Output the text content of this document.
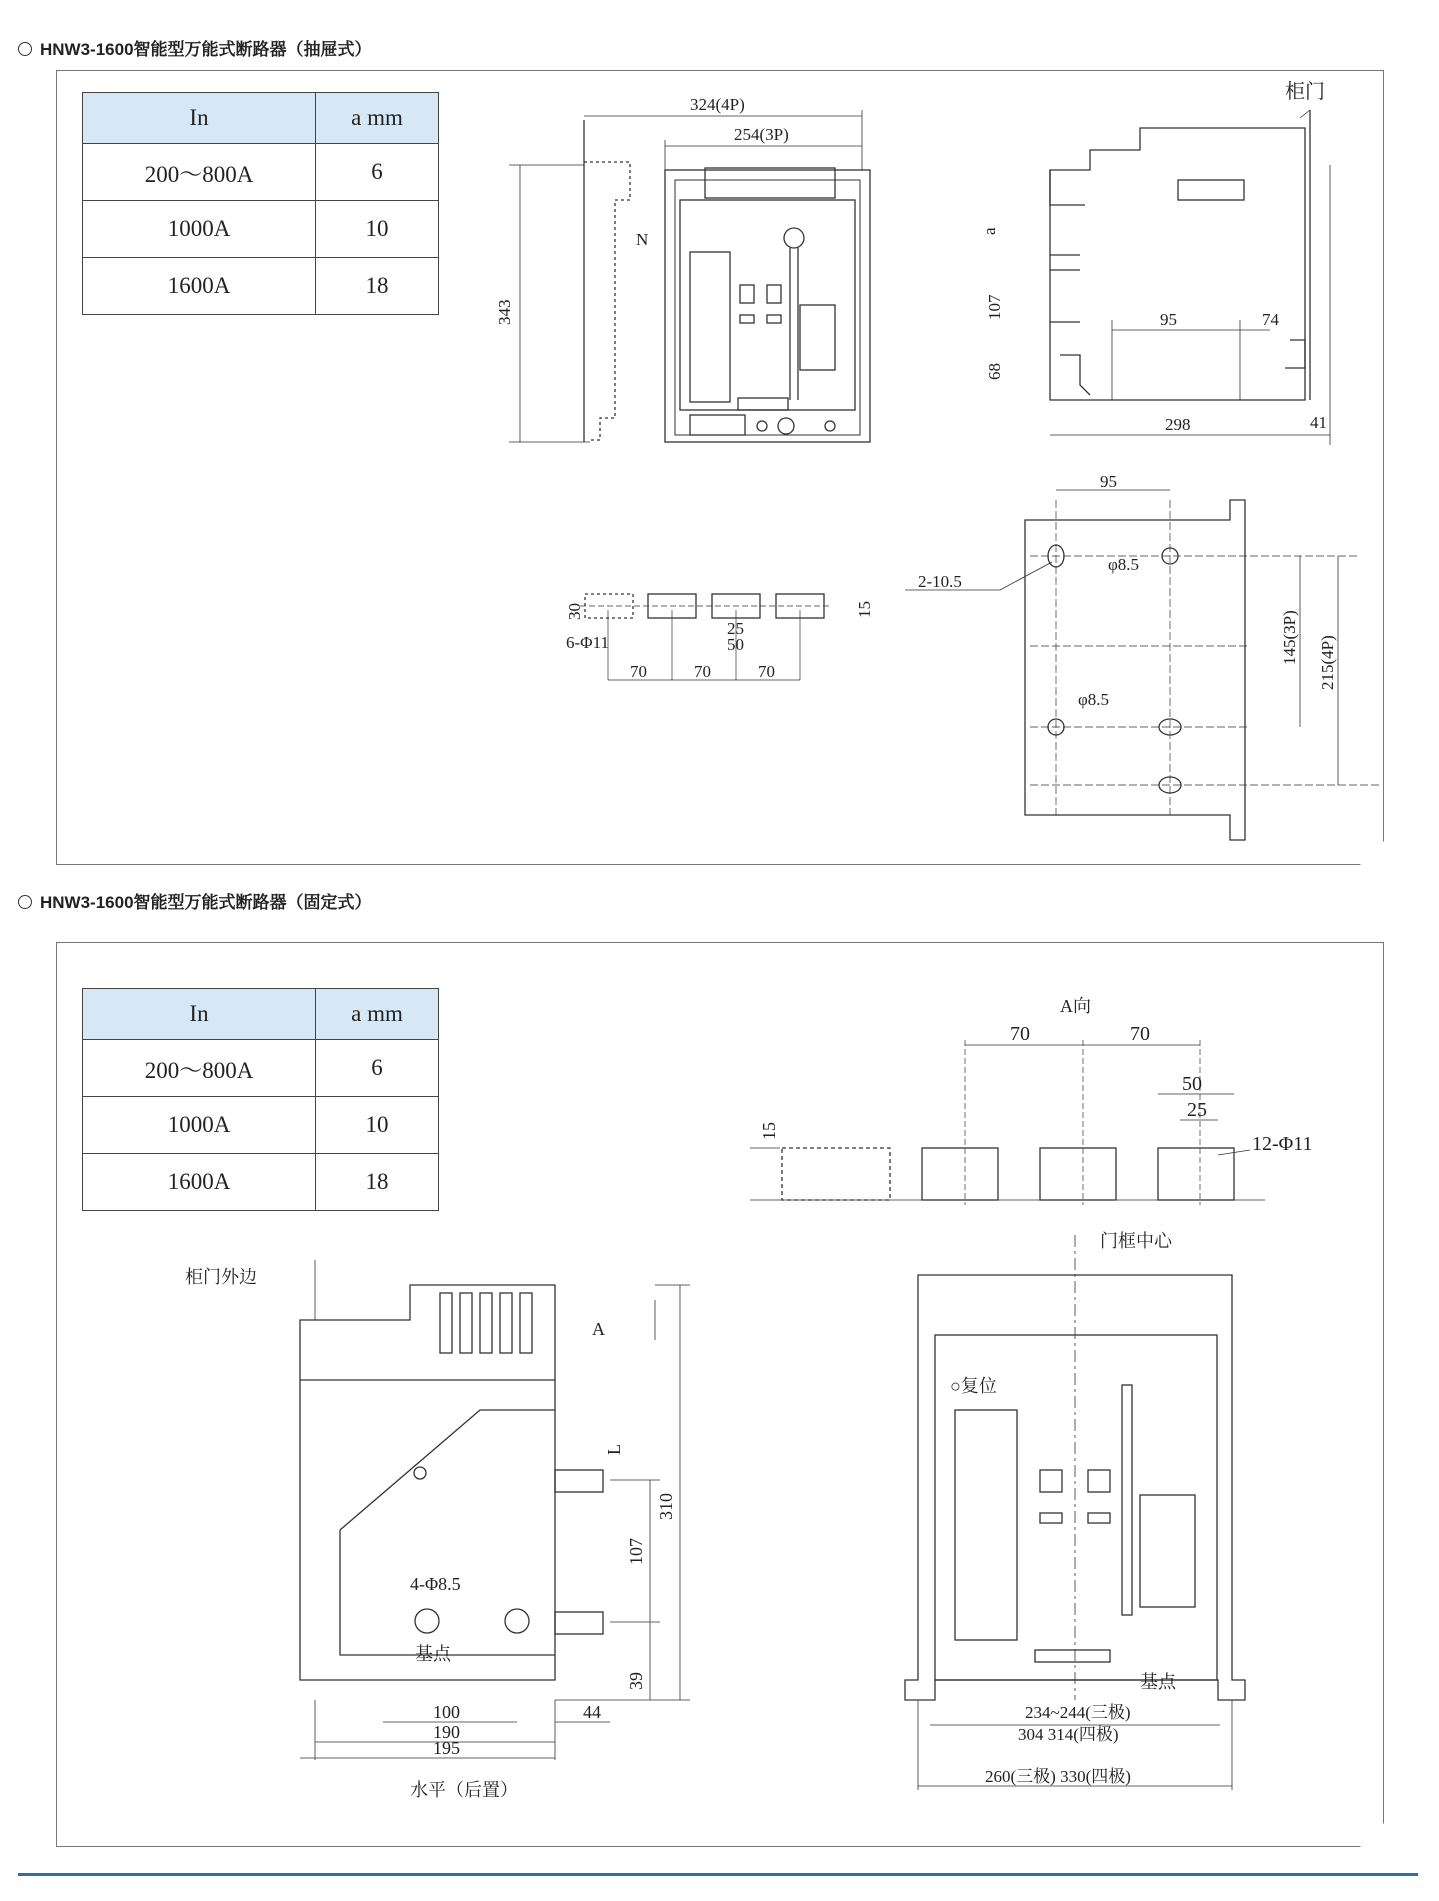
HNW3-1600智能型万能式断路器（抽屉式）
In	a mm
200～800A	6
1000A	10
1600A	18
HNW3-1600智能型万能式断路器（固定式）
In	a mm
200～800A	6
1000A	10
1600A	18
324(4P)
254(3P)
343
N
柜门
a
107
68
95	74
298	41
30
6-Φ11
25
50
15
70	70	70
95
2-10.5
φ8.5
φ8.5
145(3P) 215(4P)
A向
70	70
50
25
15
12-Φ11
门框中心
柜门外边
A
L
310
107
39
4-Φ8.5
基点
100
190
195
44
水平（后置）
○复位
基点
234~244(三极)
304 314(四极)
260(三极) 330(四极)
